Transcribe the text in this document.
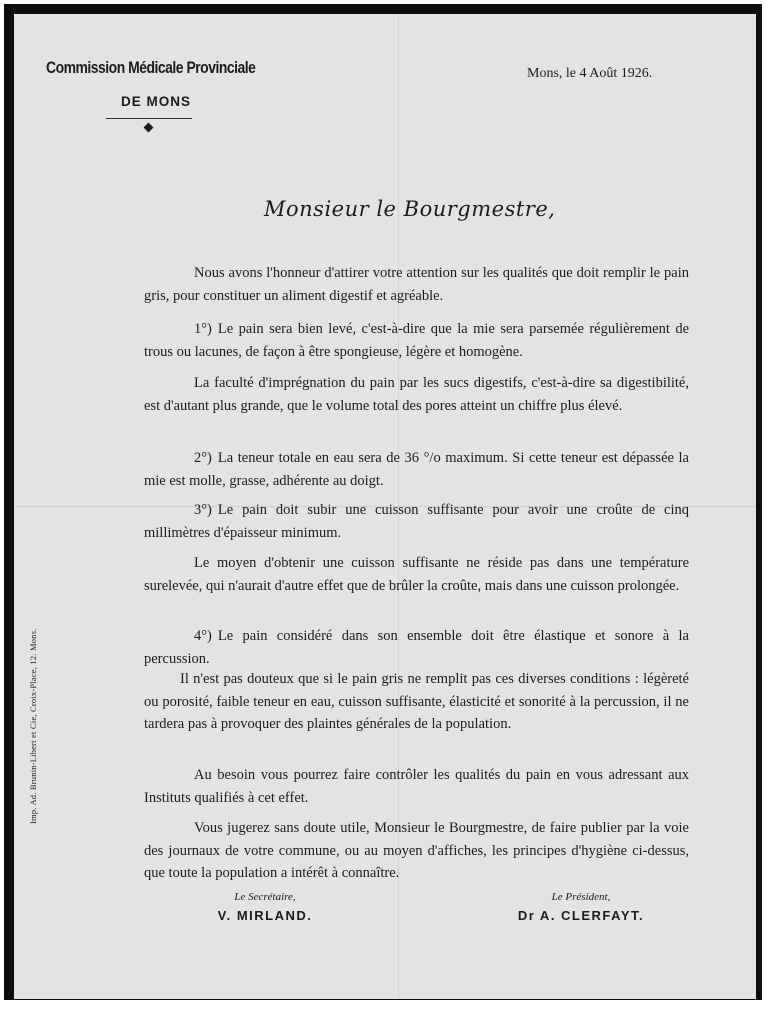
Commission Médicale Provinciale
DE MONS
Mons, le 4 Août 1926.
Monsieur le Bourgmestre,
Nous avons l'honneur d'attirer votre attention sur les qualités que doit remplir le pain gris, pour constituer un aliment digestif et agréable.
1°) Le pain sera bien levé, c'est-à-dire que la mie sera parsemée régulièrement de trous ou lacunes, de façon à être spongieuse, légère et homogène.
La faculté d'imprégnation du pain par les sucs digestifs, c'est-à-dire sa digestibilité, est d'autant plus grande, que le volume total des pores atteint un chiffre plus élevé.
2°) La teneur totale en eau sera de 36 °/o maximum. Si cette teneur est dépassée la mie est molle, grasse, adhérente au doigt.
3°) Le pain doit subir une cuisson suffisante pour avoir une croûte de cinq millimètres d'épaisseur minimum.
Le moyen d'obtenir une cuisson suffisante ne réside pas dans une température surelevée, qui n'aurait d'autre effet que de brûler la croûte, mais dans une cuisson prolongée.
4°) Le pain considéré dans son ensemble doit être élastique et sonore à la percussion.
Il n'est pas douteux que si le pain gris ne remplit pas ces diverses conditions : légèreté ou porosité, faible teneur en eau, cuisson suffisante, élasticité et sonorité à la percussion, il ne tardera pas à provoquer des plaintes générales de la population.
Au besoin vous pourrez faire contrôler les qualités du pain en vous adressant aux Instituts qualifiés à cet effet.
Vous jugerez sans doute utile, Monsieur le Bourgmestre, de faire publier par la voie des journaux de votre commune, ou au moyen d'affiches, les principes d'hygiène ci-dessus, que toute la population a intérêt à connaître.
Imp. Ad. Brunin-Libert et Cie, Croix-Place, 12. Mons.
Le Secrétaire,
V. MIRLAND.
Le Président,
Dr A. CLERFAYT.
